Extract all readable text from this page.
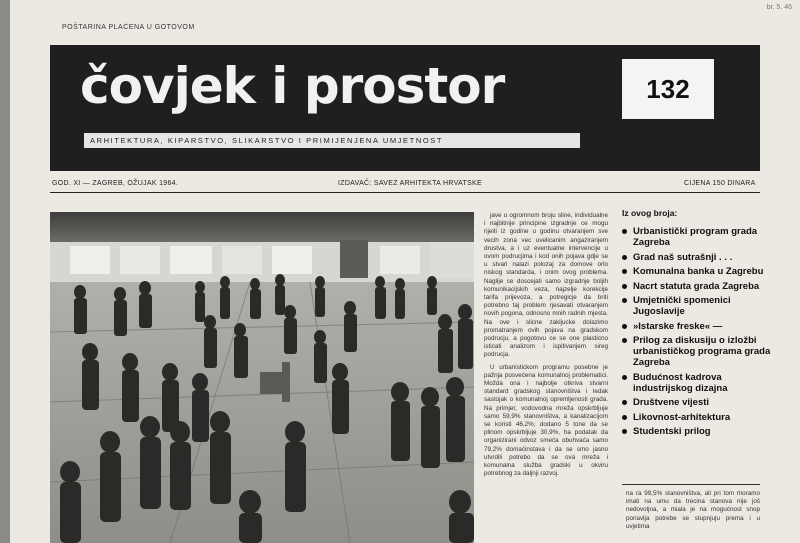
POŠTARINA PLAĆENA U GOTOVOM
br. 5. 46
čovjek i prostor	132
ARHITEKTURA, KIPARSTVO, SLIKARSTVO I PRIMIJENJENA UMJETNOST
GOD. XI — ZAGREB, OŽUJAK 1964.	IZDAVAČ: SAVEZ ARHITEKTA HRVATSKE	CIJENA 150 DINARA

jave u ogromnom broju sline, individualne i najbitnije principine izgradnje ce mogu rijeiti iz godine u godinu otvaranjem sve vecih zona vec uvelicanim angaziranjem drustva, a i uz eventualne intervencije u ovom podrucjima i kod onih pojava gdje se u stvari nalazi polozaj za domove orlo niskog standarda, i onim ovog problema. Naglije ce doscejati samo izgradnje boljih komunikacijskih veza, najzelje korekcije tarifa prijevoza, a potregicje da briti potrebno taj problem rjesavati otvaranjem novih pogona, odnosno mnih radnih mjesta. Na ove i slicne zakljucke dolazimo promatranjem ovih pojava na gradskom podrucju, a pogotovu ce se one plasticno isticati analizom i ispitivanjem sireg podrucja.

U urbanistickom programu posebne je pažnja posvećena komunalnoj problematici. Možda ona i najbolje otkriva stvarni standard gradskog stanovništva i ledak sastojak o komunalnoj opremljenosti grada. Na primjer, vodovodna mreža opskrbljuje samo 59,9% stanovništva, a kanalizacijom se koristi 46,2%; dodano 5 tone da se plinom opskrbljuje 30,9%, ha podatak da organizirani odvoz smeća obuhvaća samo 79,2% domaćinstava i da se smo jasno utvrdili potrebo da se ova mreža i komunalna služba gradski u okviru potrebnog za daljnji razvoj.

Iz ovog broja:
Urbanistički program grada Zagreba
Grad naš sutrašnji . . .
Komunalna banka u Zagrebu
Nacrt statuta grada Zagreba
Umjetnički spomenici Jugoslavije
»Istarske freske« —
Prilog za diskusiju o izložbi urbanističkog programa grada Zagreba
Budućnost kadrova industrijskog dizajna
Društvene vijesti
Likovnost-arhitektura
Studentski prilog
na ra 99,5% stanovništva, ali pri tom moramo imati na umu da trecina stanova nije još nedovoljna, a miala je na mogućnost snop ponavlja potrebe se stupnjuju prema i u uvjetima
